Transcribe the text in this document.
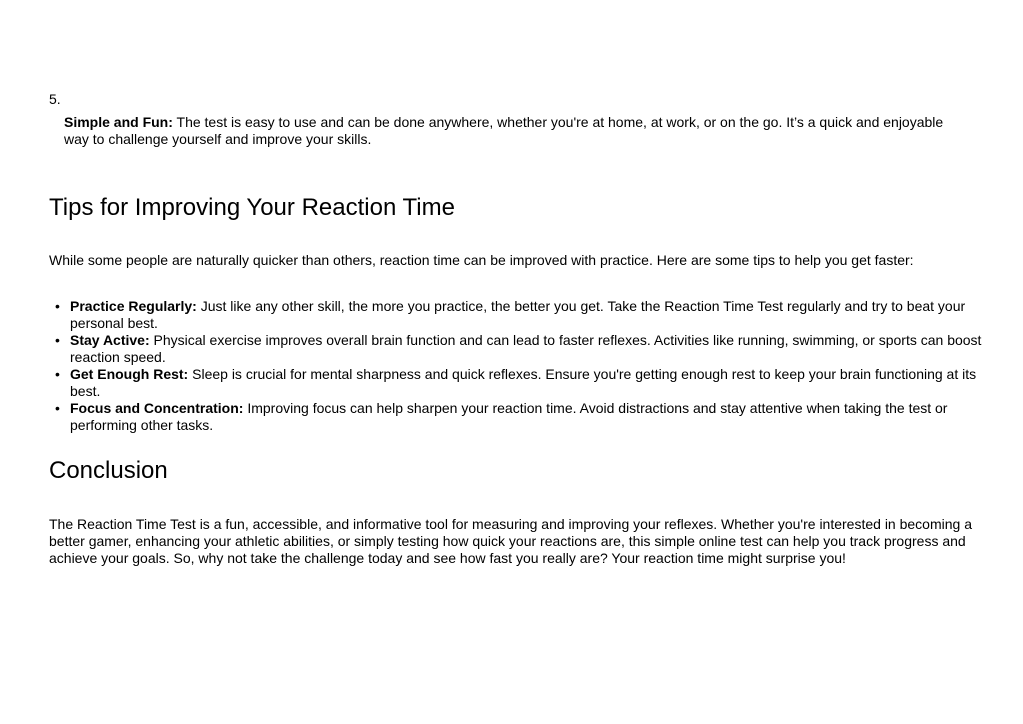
5.
Simple and Fun: The test is easy to use and can be done anywhere, whether you're at home, at work, or on the go. It’s a quick and enjoyable way to challenge yourself and improve your skills.
Tips for Improving Your Reaction Time

While some people are naturally quicker than others, reaction time can be improved with practice. Here are some tips to help you get faster:

• Practice Regularly: Just like any other skill, the more you practice, the better you get. Take the Reaction Time Test regularly and try to beat your personal best.
• Stay Active: Physical exercise improves overall brain function and can lead to faster reﬂexes. Activities like running, swimming, or sports can boost reaction speed.
• Get Enough Rest: Sleep is crucial for mental sharpness and quick reﬂexes. Ensure you're getting enough rest to keep your brain functioning at its best.
• Focus and Concentration: Improving focus can help sharpen your reaction time. Avoid distractions and stay attentive when taking the test or performing other tasks.
Conclusion

The Reaction Time Test is a fun, accessible, and informative tool for measuring and improving your reﬂexes. Whether you're interested in becoming a better gamer, enhancing your athletic abilities, or simply testing how quick your reactions are, this simple online test can help you track progress and achieve your goals. So, why not take the challenge today and see how fast you really are? Your reaction time might surprise you!
